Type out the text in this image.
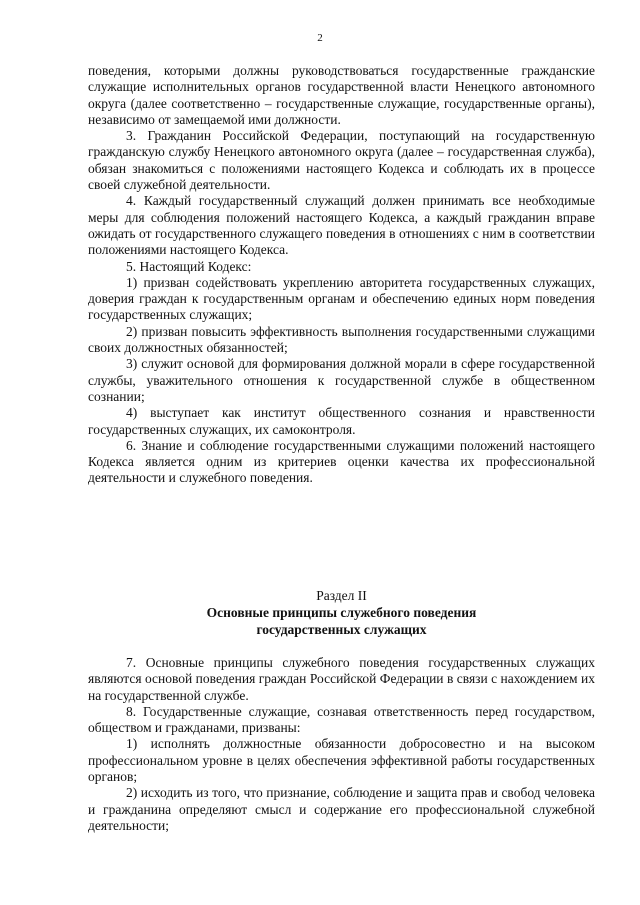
2

поведения, которыми должны руководствоваться государственные гражданские служащие исполнительных органов государственной власти Ненецкого автономного округа (далее соответственно – государственные служащие, государственные органы), независимо от замещаемой ими должности.

3. Гражданин Российской Федерации, поступающий на государственную гражданскую службу Ненецкого автономного округа (далее – государственная служба), обязан знакомиться с положениями настоящего Кодекса и соблюдать их в процессе своей служебной деятельности.

4. Каждый государственный служащий должен принимать все необходимые меры для соблюдения положений настоящего Кодекса, а каждый гражданин вправе ожидать от государственного служащего поведения в отношениях с ним в соответствии положениями настоящего Кодекса.

5. Настоящий Кодекс:

1) призван содействовать укреплению авторитета государственных служащих, доверия граждан к государственным органам и обеспечению единых норм поведения государственных служащих;

2) призван повысить эффективность выполнения государственными служащими своих должностных обязанностей;

3) служит основой для формирования должной морали в сфере государственной службы, уважительного отношения к государственной службе в общественном сознании;

4) выступает как институт общественного сознания и нравственности государственных служащих, их самоконтроля.

6. Знание и соблюдение государственными служащими положений настоящего Кодекса является одним из критериев оценки качества их профессиональной деятельности и служебного поведения.

Раздел II
Основные принципы служебного поведения
государственных служащих

7. Основные принципы служебного поведения государственных служащих являются основой поведения граждан Российской Федерации в связи с нахождением их на государственной службе.

8. Государственные служащие, сознавая ответственность перед государством, обществом и гражданами, призваны:

1) исполнять должностные обязанности добросовестно и на высоком профессиональном уровне в целях обеспечения эффективной работы государственных органов;

2) исходить из того, что признание, соблюдение и защита прав и свобод человека и гражданина определяют смысл и содержание его профессиональной служебной деятельности;
